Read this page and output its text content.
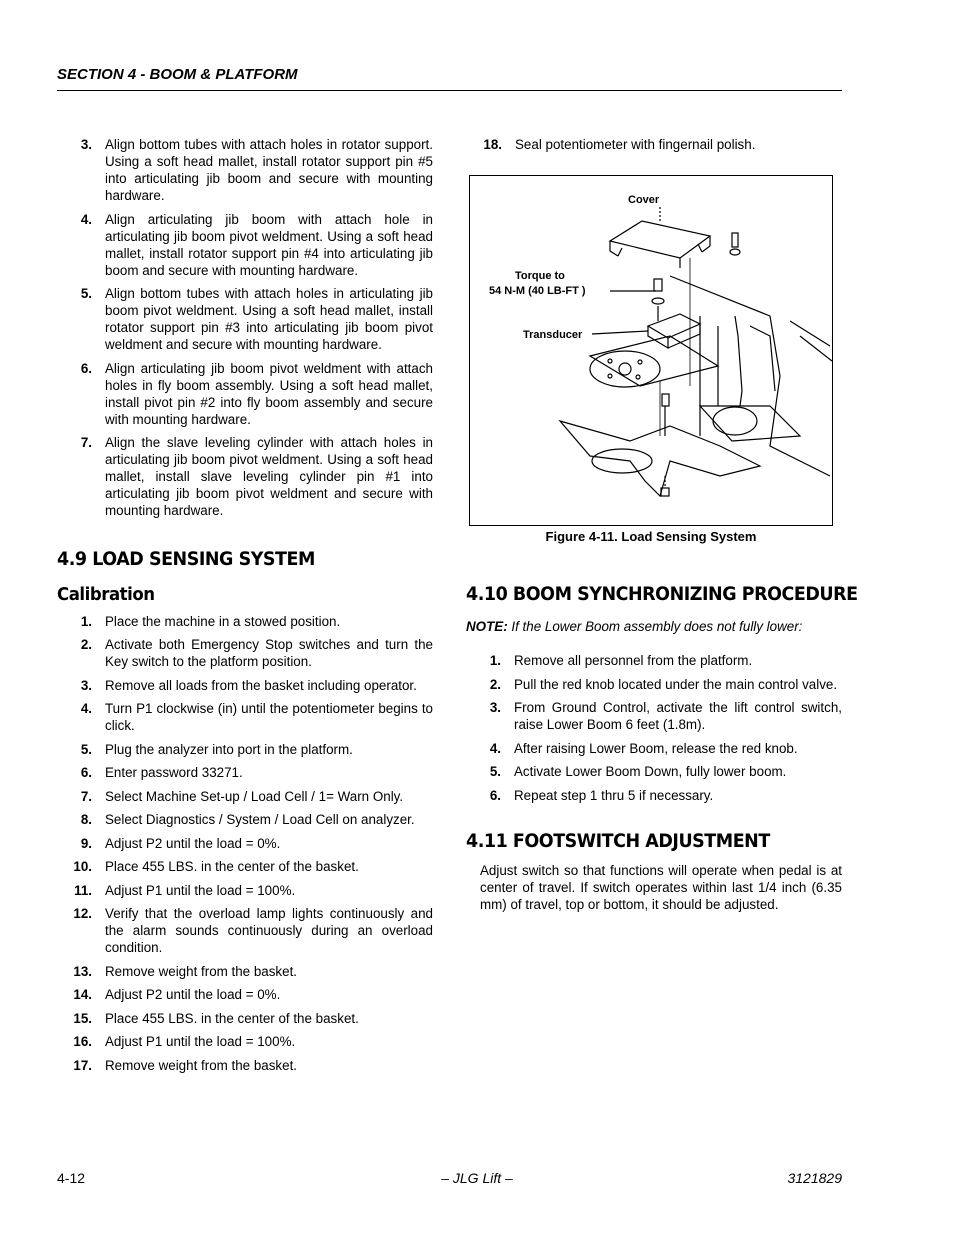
SECTION 4 - BOOM & PLATFORM
3. Align bottom tubes with attach holes in rotator support. Using a soft head mallet, install rotator support pin #5 into articulating jib boom and secure with mounting hardware.
4. Align articulating jib boom with attach hole in articulating jib boom pivot weldment. Using a soft head mallet, install rotator support pin #4 into articulating jib boom and secure with mounting hardware.
5. Align bottom tubes with attach holes in articulating jib boom pivot weldment. Using a soft head mallet, install rotator support pin #3 into articulating jib boom pivot weldment and secure with mounting hardware.
6. Align articulating jib boom pivot weldment with attach holes in fly boom assembly. Using a soft head mallet, install pivot pin #2 into fly boom assembly and secure with mounting hardware.
7. Align the slave leveling cylinder with attach holes in articulating jib boom pivot weldment. Using a soft head mallet, install slave leveling cylinder pin #1 into articulating jib boom pivot weldment and secure with mounting hardware.
4.9 LOAD SENSING SYSTEM
Calibration
1. Place the machine in a stowed position.
2. Activate both Emergency Stop switches and turn the Key switch to the platform position.
3. Remove all loads from the basket including operator.
4. Turn P1 clockwise (in) until the potentiometer begins to click.
5. Plug the analyzer into port in the platform.
6. Enter password 33271.
7. Select Machine Set-up / Load Cell / 1= Warn Only.
8. Select Diagnostics / System / Load Cell on analyzer.
9. Adjust P2 until the load = 0%.
10. Place 455 LBS. in the center of the basket.
11. Adjust P1 until the load = 100%.
12. Verify that the overload lamp lights continuously and the alarm sounds continuously during an overload condition.
13. Remove weight from the basket.
14. Adjust P2 until the load = 0%.
15. Place 455 LBS. in the center of the basket.
16. Adjust P1 until the load = 100%.
17. Remove weight from the basket.
18. Seal potentiometer with fingernail polish.
Cover
Torque to
54 N-M (40 LB-FT )
Transducer
Figure 4-11. Load Sensing System
4.10 BOOM SYNCHRONIZING PROCEDURE
NOTE: If the Lower Boom assembly does not fully lower:
1. Remove all personnel from the platform.
2. Pull the red knob located under the main control valve.
3. From Ground Control, activate the lift control switch, raise Lower Boom 6 feet (1.8m).
4. After raising Lower Boom, release the red knob.
5. Activate Lower Boom Down, fully lower boom.
6. Repeat step 1 thru 5 if necessary.
4.11 FOOTSWITCH ADJUSTMENT
Adjust switch so that functions will operate when pedal is at center of travel. If switch operates within last 1/4 inch (6.35 mm) of travel, top or bottom, it should be adjusted.
4-12	– JLG Lift –	3121829
